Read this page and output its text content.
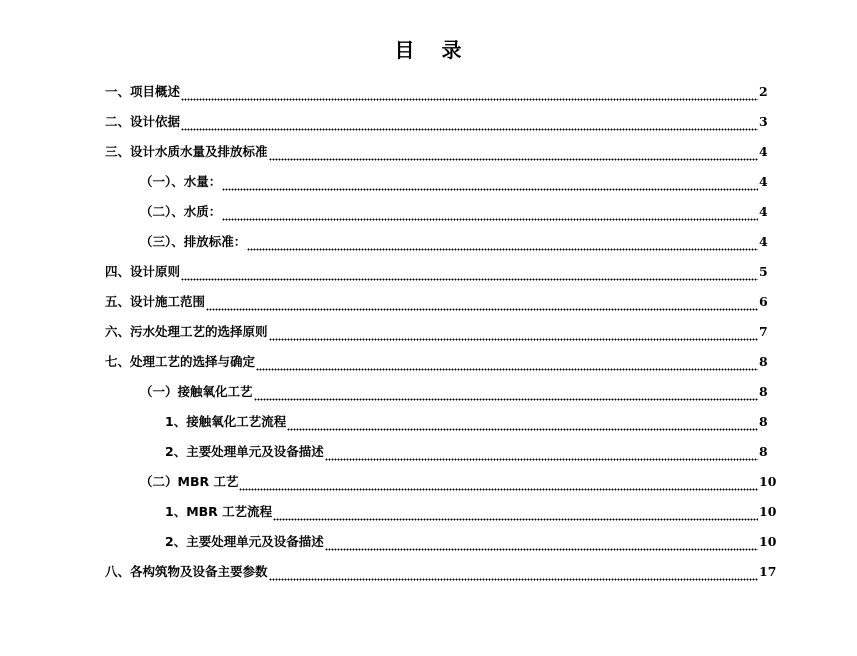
目 录
一、项目概述	2
二、设计依据	3
三、设计水质水量及排放标准	4
（一）、水量：	4
（二）、水质：	4
（三）、排放标准：	4
四、设计原则	5
五、设计施工范围	6
六、污水处理工艺的选择原则	7
七、处理工艺的选择与确定	8
（一）接触氧化工艺	8
1、接触氧化工艺流程	8
2、主要处理单元及设备描述	8
（二）MBR 工艺	10
1、MBR 工艺流程	10
2、主要处理单元及设备描述	10
八、各构筑物及设备主要参数	17
